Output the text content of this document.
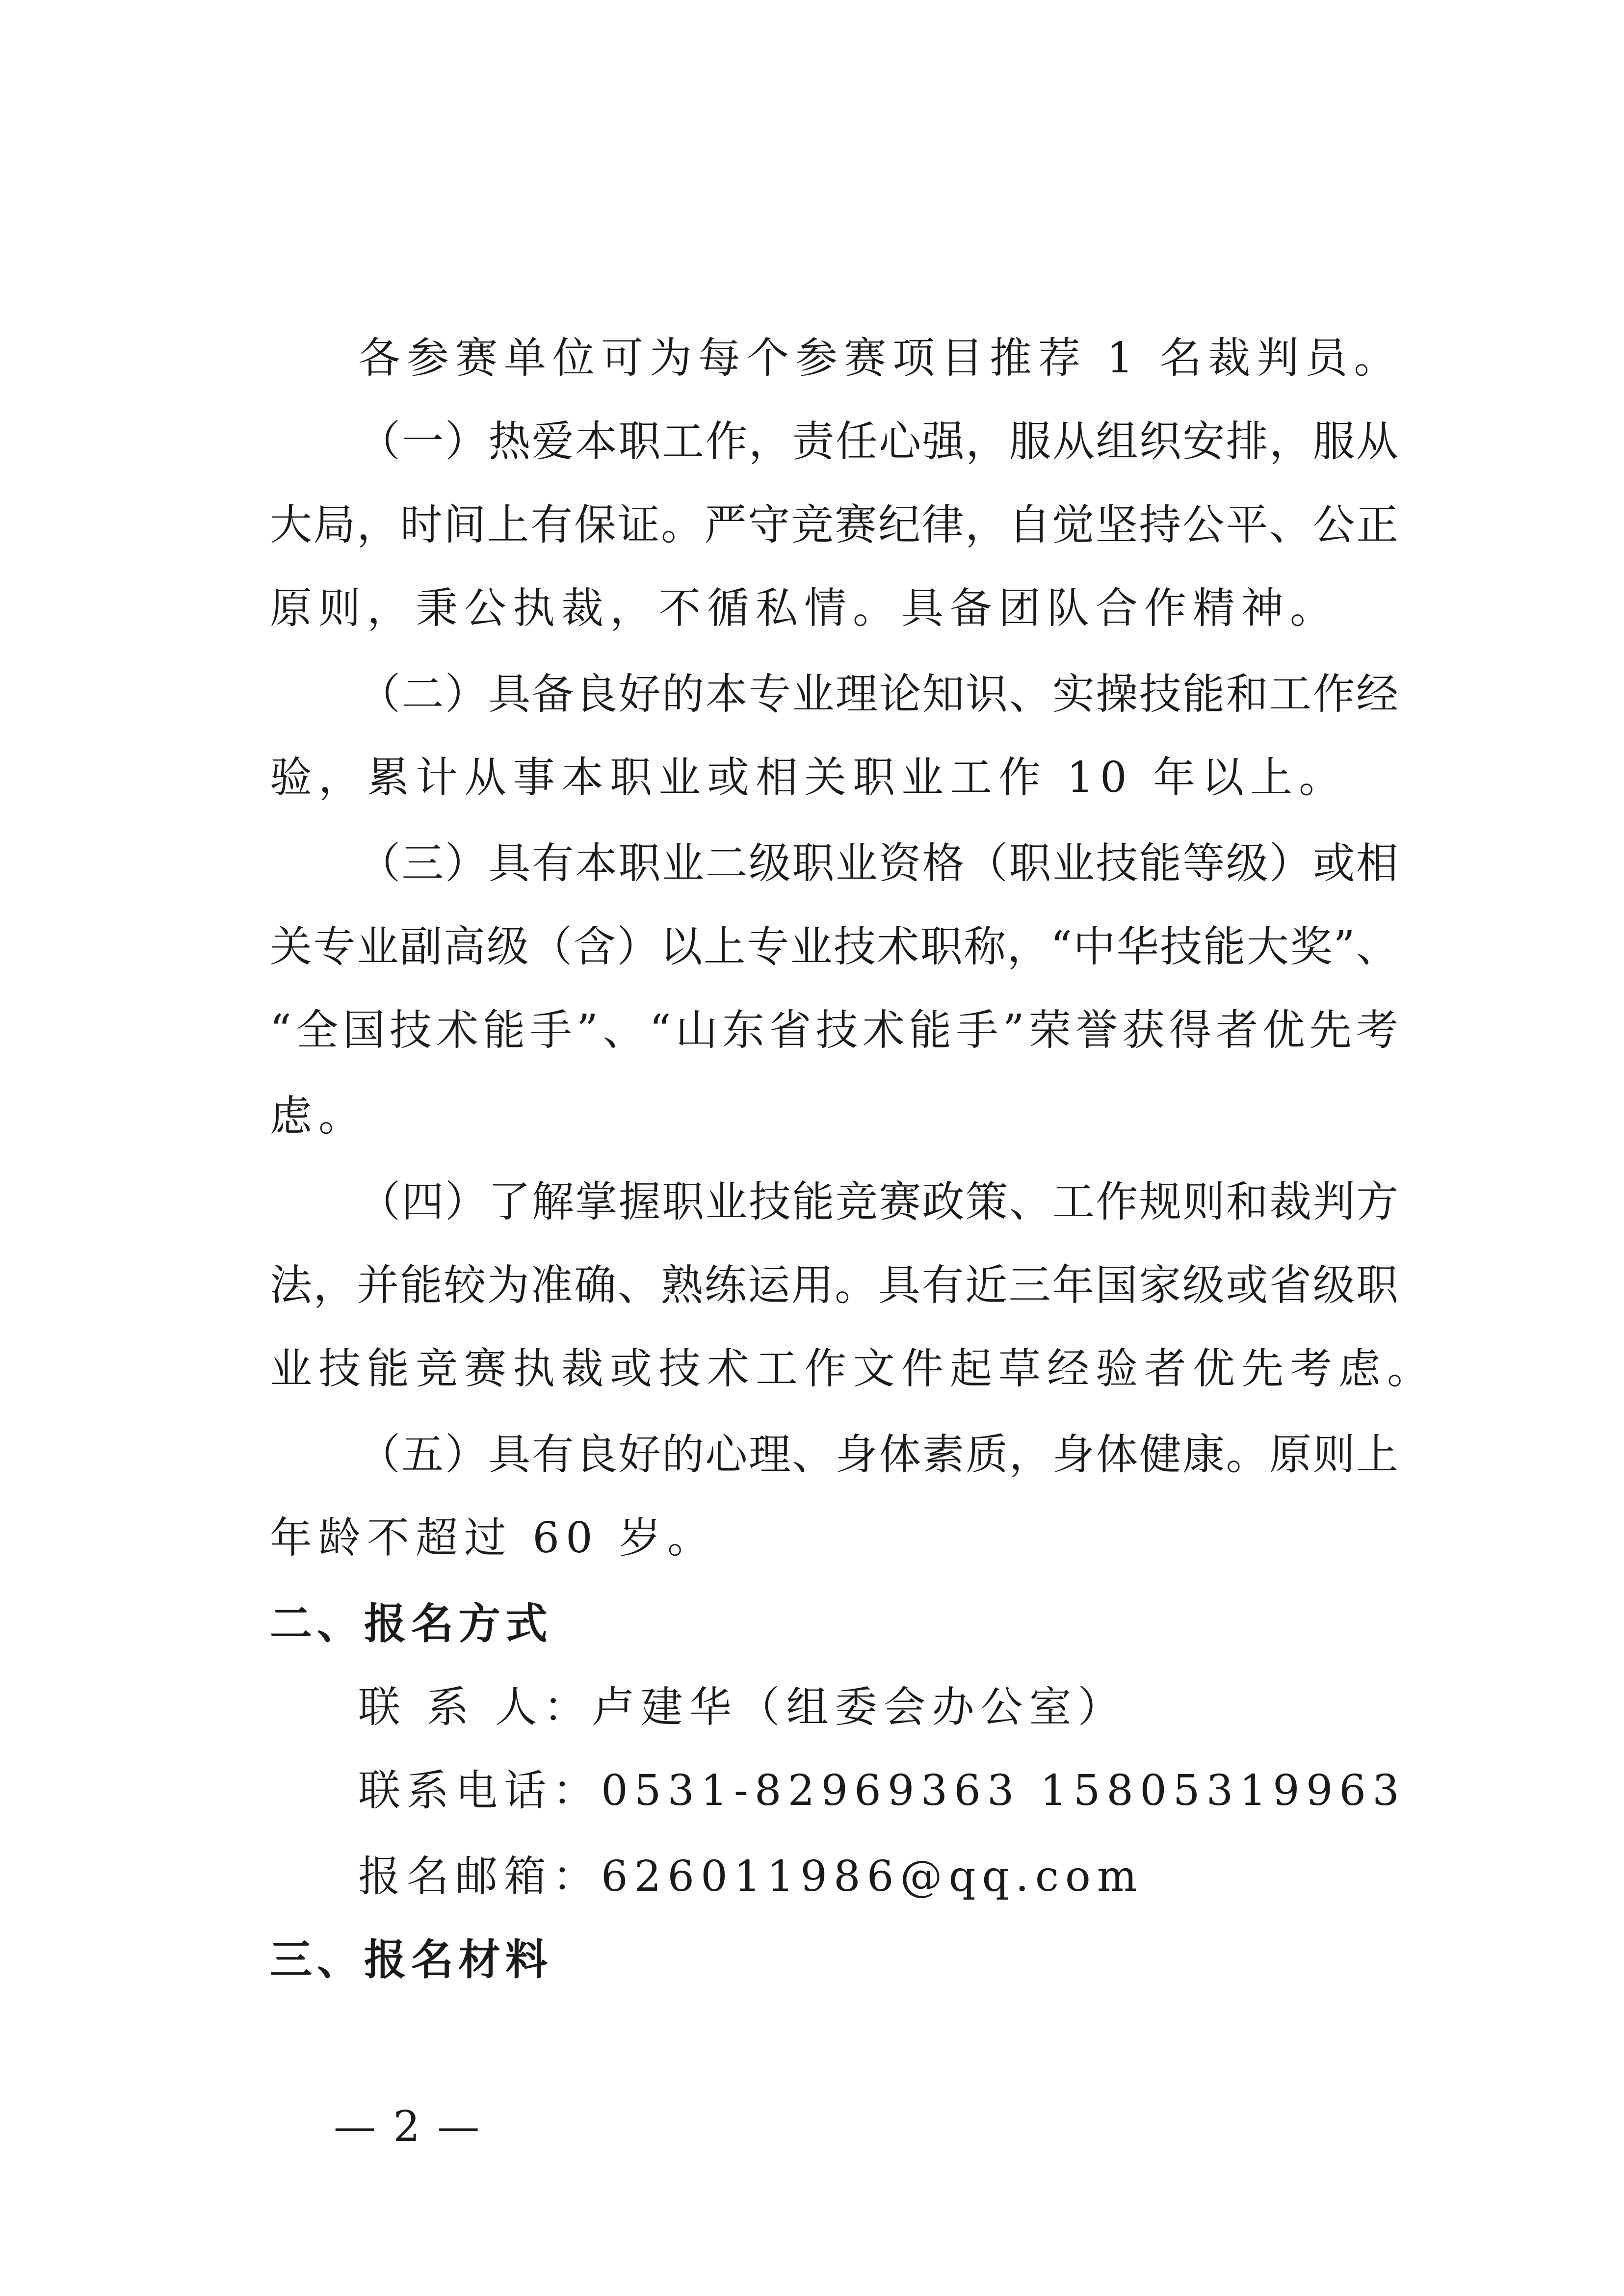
各参赛单位可为每个参赛项目推荐 1 名裁判员。
（一）热爱本职工作，责任心强，服从组织安排，服从
大局，时间上有保证。严守竞赛纪律，自觉坚持公平、公正
原则，秉公执裁，不循私情。具备团队合作精神。
（二）具备良好的本专业理论知识、实操技能和工作经
验，累计从事本职业或相关职业工作 10 年以上。
（三）具有本职业二级职业资格（职业技能等级）或相
关专业副高级（含）以上专业技术职称，“中华技能大奖”、
“全国技术能手”、“山东省技术能手”荣誉获得者优先考
虑。
（四）了解掌握职业技能竞赛政策、工作规则和裁判方
法，并能较为准确、熟练运用。具有近三年国家级或省级职
业技能竞赛执裁或技术工作文件起草经验者优先考虑。
（五）具有良好的心理、身体素质，身体健康。原则上
年龄不超过 60 岁。
二、报名方式
联 系 人：卢建华（组委会办公室）
联系电话：0531-82969363 15805319963
报名邮箱：626011986@qq.com
三、报名材料
— 2 —
